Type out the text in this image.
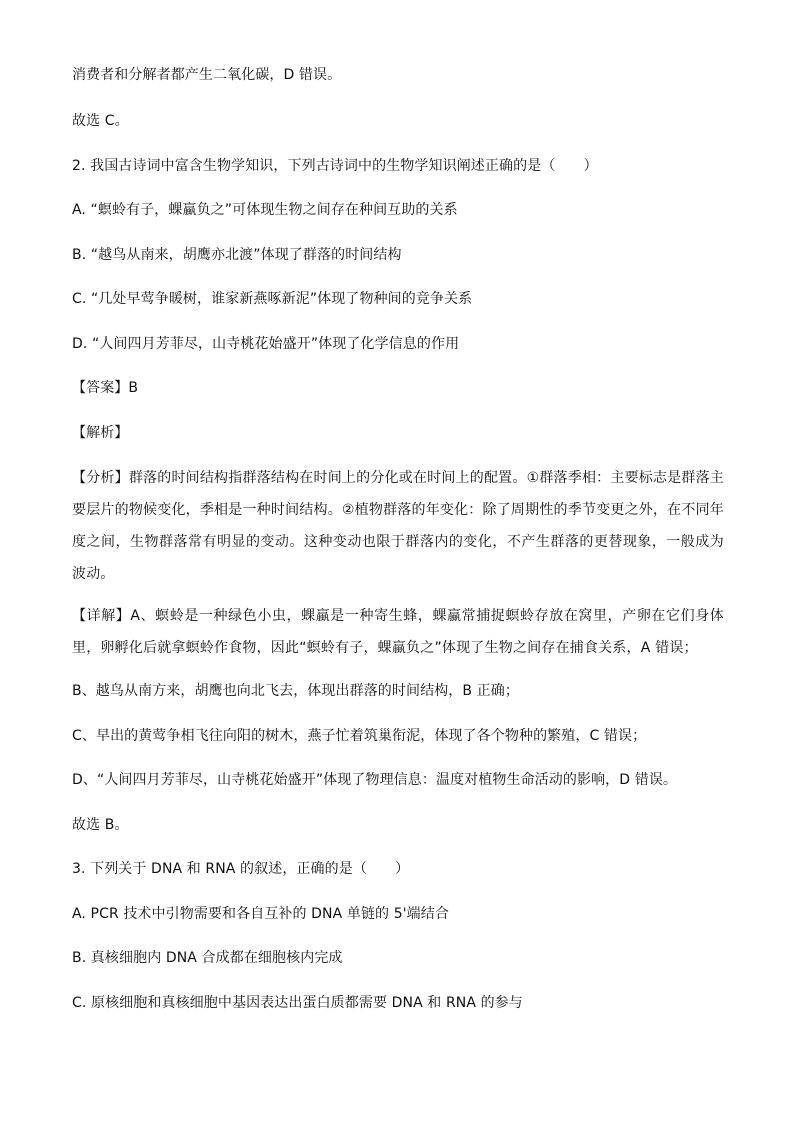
消费者和分解者都产生二氧化碳，D 错误。
故选 C。
2. 我国古诗词中富含生物学知识，下列古诗词中的生物学知识阐述正确的是（　　）
A. “螟蛉有子，蜾蠃负之”可体现生物之间存在种间互助的关系
B. “越鸟从南来，胡鹰亦北渡”体现了群落的时间结构
C. “几处早莺争暖树，谁家新燕啄新泥”体现了物种间的竞争关系
D. “人间四月芳菲尽，山寺桃花始盛开”体现了化学信息的作用
【答案】B
【解析】
【分析】群落的时间结构指群落结构在时间上的分化或在时间上的配置。①群落季相：主要标志是群落主要层片的物候变化，季相是一种时间结构。②植物群落的年变化：除了周期性的季节变更之外，在不同年度之间，生物群落常有明显的变动。这种变动也限于群落内的变化，不产生群落的更替现象，一般成为波动。
【详解】A、螟蛉是一种绿色小虫，蜾蠃是一种寄生蜂，蜾蠃常捕捉螟蛉存放在窝里，产卵在它们身体里，卵孵化后就拿螟蛉作食物，因此“螟蛉有子，蜾蠃负之”体现了生物之间存在捕食关系，A 错误；
B、越鸟从南方来，胡鹰也向北飞去，体现出群落的时间结构，B 正确；
C、早出的黄莺争相飞往向阳的树木，燕子忙着筑巢衔泥，体现了各个物种的繁殖，C 错误；
D、“人间四月芳菲尽，山寺桃花始盛开”体现了物理信息：温度对植物生命活动的影响，D 错误。
故选 B。
3. 下列关于 DNA 和 RNA 的叙述，正确的是（　　）
A. PCR 技术中引物需要和各自互补的 DNA 单链的 5'端结合
B. 真核细胞内 DNA 合成都在细胞核内完成
C. 原核细胞和真核细胞中基因表达出蛋白质都需要 DNA 和 RNA 的参与
